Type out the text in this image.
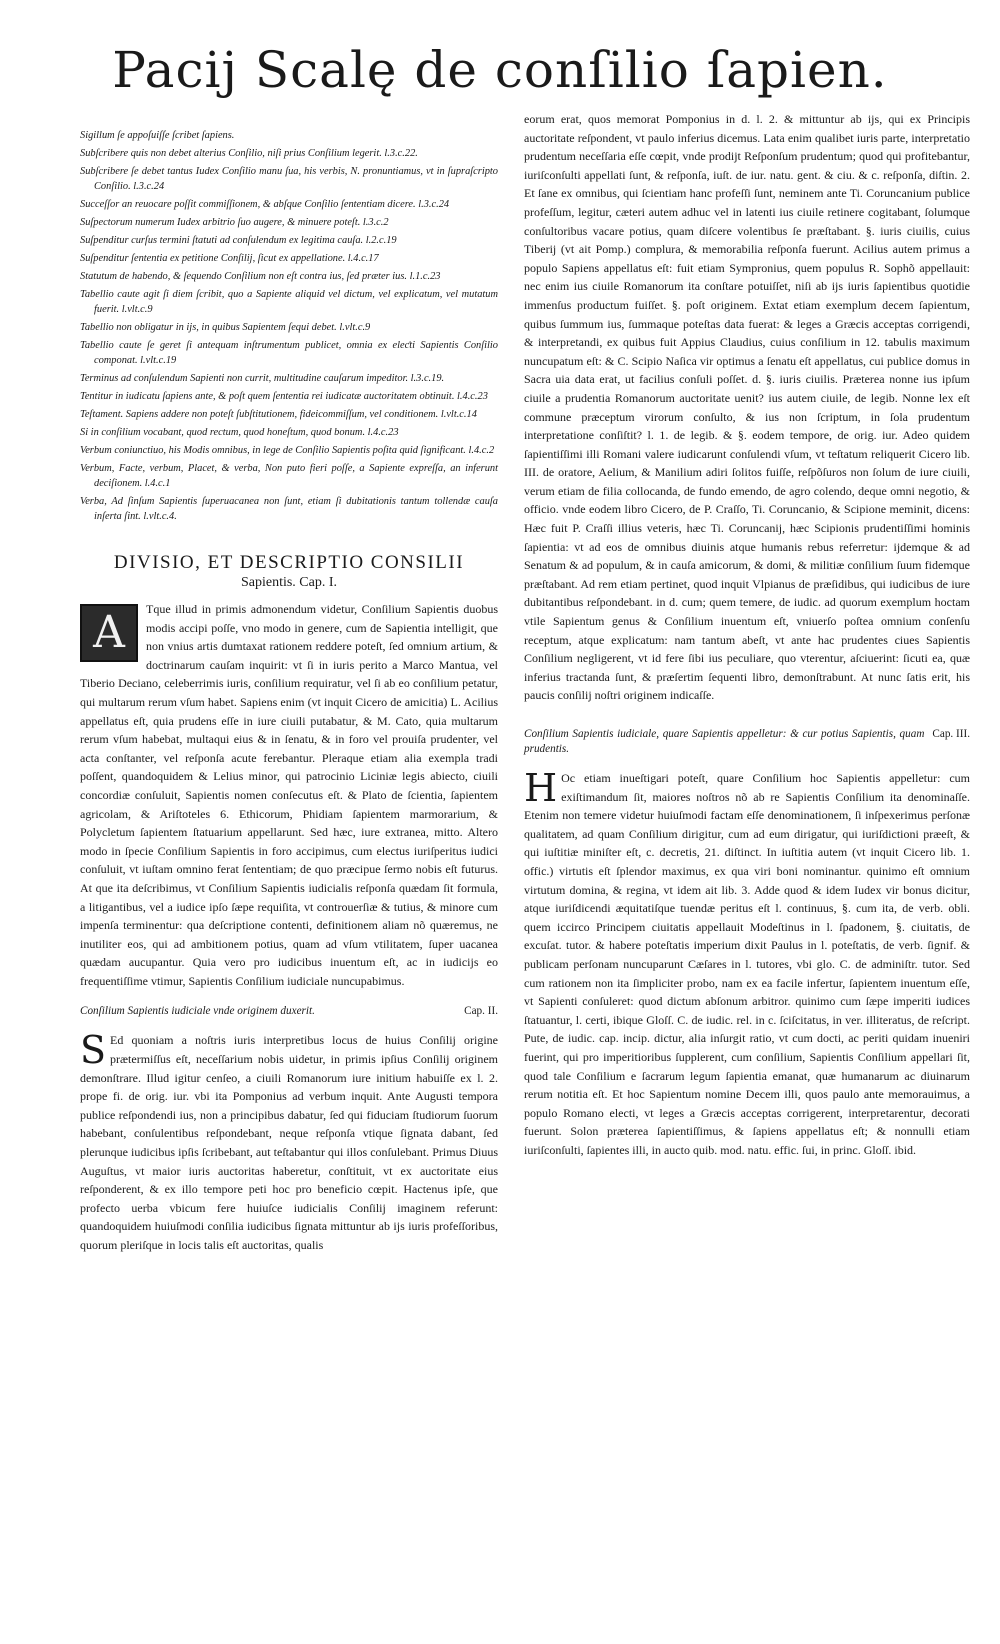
Pacij Scalę de conſilio ſapien.

Sigillum ſe appoſuiſſe ſcribet ſapiens.

Subſcribere quis non debet alterius Conſilio, niſi prius Conſilium legerit. l.3.c.22.

Subſcribere ſe debet tantus Iudex Conſilio manu ſua, his verbis, N. pronuntiamus, vt in ſupraſcripto Conſilio. l.3.c.24

Succeſſor an reuocare poſſit commiſſionem, & abſque Conſilio ſententiam dicere. l.3.c.24

Suſpectorum numerum Iudex arbitrio ſuo augere, & minuere poteſt. l.3.c.2

Suſpenditur curſus termini ſtatuti ad conſulendum ex legitima cauſa. l.2.c.19

Suſpenditur ſententia ex petitione Conſilij, ſicut ex appellatione. l.4.c.17

Statutum de habendo, & ſequendo Conſilium non eſt contra ius, ſed præter ius. l.1.c.23

Tabellio caute agit ſi diem ſcribit, quo a Sapiente aliquid vel dictum, vel explicatum, vel mutatum fuerit. l.vlt.c.9

Tabellio non obligatur in ijs, in quibus Sapientem ſequi debet. l.vlt.c.9

Tabellio caute ſe geret ſi antequam inſtrumentum publicet, omnia ex eleƈti Sapientis Conſilio componat. l.vlt.c.19

Terminus ad conſulendum Sapienti non currit, multitudine cauſarum impeditor. l.3.c.19.

Tentitur in iudicatu ſapiens ante, & poſt quem ſententia rei iudicatæ auctoritatem obtinuit. l.4.c.23

Teſtament. Sapiens addere non poteſt ſubſtitutionem, fideicommiſſum, vel conditionem. l.vlt.c.14

Si in conſilium vocabant, quod rectum, quod honeſtum, quod bonum. l.4.c.23

Verbum coniunctiuo, his Modis omnibus, in lege de Conſilio Sapientis poſita quid ſignificant. l.4.c.2

Verbum, Facte, verbum, Placet, & verba, Non puto fieri poſſe, a Sapiente expreſſa, an inferunt deciſionem. l.4.c.1

Verba, Ad ſinſum Sapientis ſuperuacanea non ſunt, etiam ſi dubitationis tantum tollendæ cauſa inſerta ſint. l.vlt.c.4.

DIVISIO, ET DESCRIPTIO CONSILII
Sapientis. Cap. I.
A	Tque illud in primis admonendum videtur, Conſilium Sapientis duobus modis accipi poſſe, vno modo in genere, cum de Sapientia intelligit, que non vnius artis dumtaxat rationem reddere poteſt, ſed omnium artium, & doctrinarum cauſam inquirit: vt ſi in iuris perito a Marco Mantua, vel Tiberio Deciano, celeberrimis iuris, conſilium requiratur, vel ſi ab eo conſilium petatur, qui multarum rerum vſum habet. Sapiens enim (vt inquit Cicero de amicitia) L. Acilius appellatus eſt, quia prudens eſſe in iure ciuili putabatur, & M. Cato, quia multarum rerum vſum habebat, multaqui eius & in ſenatu, & in foro vel prouiſa prudenter, vel acta conſtanter, vel reſponſa acute ferebantur. Pleraque etiam alia exempla tradi poſſent, quandoquidem & Lelius minor, qui patrocinio Liciniæ legis abiecto, ciuili concordiæ conſuluit, Sapientis nomen conſecutus eſt. & Plato de ſcientia, ſapientem agricolam, & Ariſtoteles 6. Ethicorum, Phidiam ſapientem marmorarium, & Polycletum ſapientem ſtatuarium appellarunt. Sed hæc, iure extranea, mitto. Altero modo in ſpecie Conſilium Sapientis in foro accipimus, cum electus iuriſperitus iudici conſuluit, vt iuſtam omnino ferat ſententiam; de quo præcipue ſermo nobis eſt futurus. At que ita deſcribimus, vt Conſilium Sapientis iudicialis reſponſa quædam ſit formula, a litigantibus, vel a iudice ipſo ſæpe requiſita, vt controuerſiæ & tutius, & minore cum impenſa terminentur: qua deſcriptione contenti, definitionem aliam nõ quæremus, ne inutiliter eos, qui ad ambitionem potius, quam ad vſum vtilitatem, ſuper uacanea quædam aucupantur. Quia vero pro iudicibus inuentum eſt, ac in iudicijs eo frequentiſſime vtimur, Sapientis Conſilium iudiciale nuncupabimus.

Cap. II.
Conſilium Sapientis iudiciale vnde originem duxerit.
S Ed quoniam a noſtris iuris interpretibus locus de huius Conſilij origine prætermiſſus eſt, neceſſarium nobis uidetur, in primis ipſius Conſilij originem demonſtrare. Illud igitur cenſeo, a ciuili Romanorum iure initium habuiſſe ex l. 2. prope fi. de orig. iur. vbi ita Pomponius ad verbum inquit. Ante Augusti tempora publice reſpondendi ius, non a principibus dabatur, ſed qui fiduciam ſtudiorum ſuorum habebant, conſulentibus reſpondebant, neque reſponſa vtique ſignata dabant, ſed plerunque iudicibus ipſis ſcribebant, aut teſtabantur qui illos conſulebant. Primus Diuus Auguſtus, vt maior iuris auctoritas haberetur, conſtituit, vt ex auctoritate eius reſponderent, & ex illo tempore peti hoc pro beneficio cœpit. Hactenus ipſe, que profecto uerba vbicum fere huiuſce iudicialis Conſilij imaginem referunt: quandoquidem huiuſmodi conſilia iudicibus ſignata mittuntur ab ijs iuris profeſſoribus, quorum pleriſque in locis talis eſt auctoritas, qualis

eorum erat, quos memorat Pomponius in d. l. 2. & mittuntur ab ijs, qui ex Principis auctoritate reſpondent, vt paulo inferius dicemus. Lata enim qualibet iuris parte, interpretatio prudentum neceſſaria eſſe cœpit, vnde prodijt Reſponſum prudentum; quod qui profitebantur, iuriſconſulti appellati ſunt, & reſponſa, iuſt. de iur. natu. gent. & ciu. & c. reſponſa, diſtin. 2. Et ſane ex omnibus, qui ſcientiam hanc profeſſi ſunt, neminem ante Ti. Coruncanium publice profeſſum, legitur, cæteri autem adhuc vel in latenti ius ciuile retinere cogitabant, ſolumque conſultoribus vacare potius, quam diſcere volentibus ſe præſtabant. §. iuris ciuilis, cuius Tiberij (vt ait Pomp.) complura, & memorabilia reſponſa fuerunt. Acilius autem primus a populo Sapiens appellatus eſt: fuit etiam Sympronius, quem populus R. Sophõ appellauit: nec enim ius ciuile Romanorum ita conſtare potuiſſet, niſi ab ijs iuris ſapientibus quotidie immenſus productum fuiſſet. §. poſt originem. Extat etiam exemplum decem ſapientum, quibus ſummum ius, ſummaque poteſtas data fuerat: & leges a Græcis acceptas corrigendi, & interpretandi, ex quibus fuit Appius Claudius, cuius conſilium in 12. tabulis maximum nuncupatum eſt: & C. Scipio Naſica vir optimus a ſenatu eſt appellatus, cui publice domus in Sacra uia data erat, ut facilius conſuli poſſet. d. §. iuris ciuilis. Præterea nonne ius ipſum ciuile a prudentia Romanorum auctoritate uenit? ius autem ciuile, de legib. Nonne lex eſt commune præceptum virorum conſulto, & ius non ſcriptum, in ſola prudentum interpretatione conſiſtit? l. 1. de legib. & §. eodem tempore, de orig. iur. Adeo quidem ſapientiſſimi illi Romani valere iudicarunt conſulendi vſum, vt teſtatum reliquerit Cicero lib. III. de oratore, Aelium, & Manilium adiri ſolitos fuiſſe, reſpõſuros non ſolum de iure ciuili, verum etiam de filia collocanda, de fundo emendo, de agro colendo, deque omni negotio, & officio. vnde eodem libro Cicero, de P. Craſſo, Ti. Coruncanio, & Scipione meminit, dicens: Hæc fuit P. Craſſi illius veteris, hæc Ti. Coruncanij, hæc Scipionis prudentiſſimi hominis ſapientia: vt ad eos de omnibus diuinis atque humanis rebus referretur: ijdemque & ad Senatum & ad populum, & in cauſa amicorum, & domi, & militiæ conſilium ſuum fidemque præſtabant. Ad rem etiam pertinet, quod inquit Vlpianus de præſidibus, qui iudicibus de iure dubitantibus reſpondebant. in d. cum; quem temere, de iudic. ad quorum exemplum hoctam vtile Sapientum genus & Conſilium inuentum eſt, vniuerſo poſtea omnium conſenſu receptum, atque explicatum: nam tantum abeſt, vt ante hac prudentes ciues Sapientis Conſilium negligerent, vt id fere ſibi ius peculiare, quo vterentur, aſciuerint: ſicuti ea, quæ inferius tractanda ſunt, & præſertim ſequenti libro, demonſtrabunt. At nunc ſatis erit, his paucis conſilij noſtri originem indicaſſe.

Cap. III.
Conſilium Sapientis iudiciale, quare Sapientis appelletur: & cur potius Sapientis, quam prudentis.
H Oc etiam inueſtigari poteſt, quare Conſilium hoc Sapientis appelletur: cum exiſtimandum ſit, maiores noſtros nõ ab re Sapientis Conſilium ita denominaſſe. Etenim non temere videtur huiuſmodi factam eſſe denominationem, ſi inſpexerimus perſonæ qualitatem, ad quam Conſilium dirigitur, cum ad eum dirigatur, qui iuriſdictioni præeſt, & qui iuſtitiæ miniſter eſt, c. decretis, 21. diſtinct. In iuſtitia autem (vt inquit Cicero lib. 1. offic.) virtutis eſt ſplendor maximus, ex qua viri boni nominantur. quinimo eſt omnium virtutum domina, & regina, vt idem ait lib. 3. Adde quod & idem Iudex vir bonus dicitur, atque iuriſdicendi æquitatiſque tuendæ peritus eſt l. continuus, §. cum ita, de verb. obli. quem iccirco Principem ciuitatis appellauit Modeſtinus in l. ſpadonem, §. ciuitatis, de excuſat. tutor. & habere poteſtatis imperium dixit Paulus in l. poteſtatis, de verb. ſignif. & publicam perſonam nuncuparunt Cæſares in l. tutores, vbi glo. C. de adminiſtr. tutor. Sed cum rationem non ita ſimpliciter probo, nam ex ea facile infertur, ſapientem inuentum eſſe, vt Sapienti conſuleret: quod dictum abſonum arbitror. quinimo cum ſæpe imperiti iudices ſtatuantur, l. certi, ibique Gloſſ. C. de iudic. rel. in c. ſciſcitatus, in ver. illiteratus, de reſcript. Pute, de iudic. cap. incip. dictur, alia inſurgit ratio, vt cum docti, ac periti quidam inueniri fuerint, qui pro imperitioribus ſupplerent, cum conſilium, Sapientis Conſilium appellari ſit, quod tale Conſilium e ſacrarum legum ſapientia emanat, quæ humanarum ac diuinarum rerum notitia eſt. Et hoc Sapientum nomine Decem illi, quos paulo ante memorauimus, a populo Romano electi, vt leges a Græcis acceptas corrigerent, interpretarentur, decorati fuerunt. Solon præterea ſapientiſſimus, & ſapiens appellatus eſt; & nonnulli etiam iuriſconſulti, ſapientes illi, in aucto quib. mod. natu. effic. ſui, in princ. Gloſſ. ibid.
